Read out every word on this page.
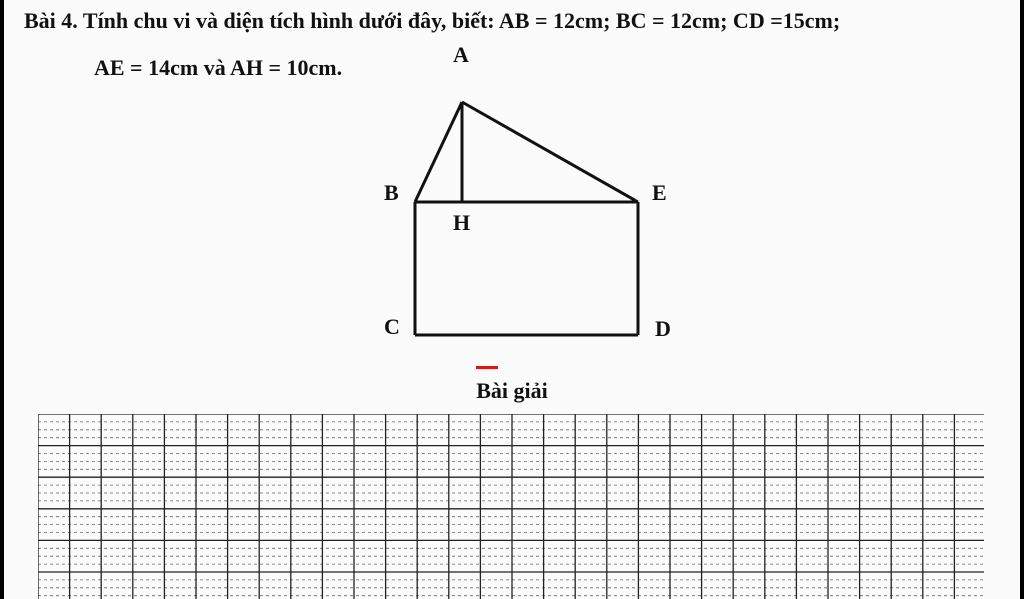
Bài 4. Tính chu vi và diện tích hình dưới đây, biết: AB = 12cm; BC = 12cm; CD =15cm;
AE = 14cm và AH = 10cm.
A
B	E
H
C	D
Bài giải
